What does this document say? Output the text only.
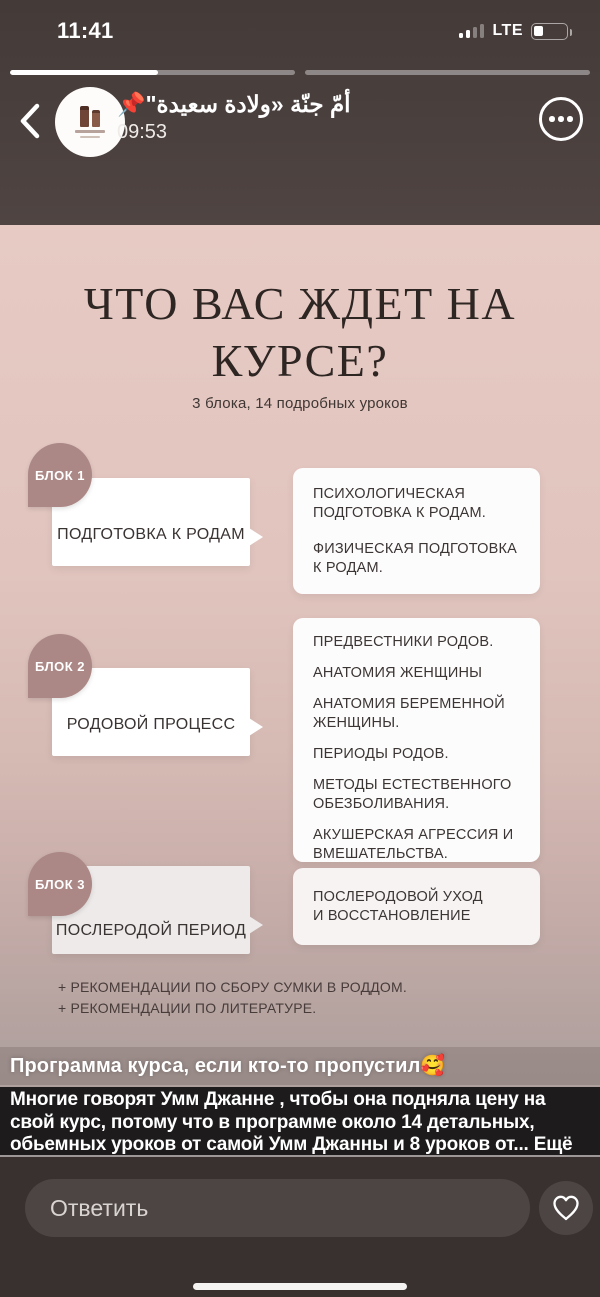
11:41	LTE
أمّ جنّة «ولادة سعيدة"📌
09:53
ЧТО ВАС ЖДЕТ НА
КУРСЕ?
3 блока, 14 подробных уроков
БЛОК 1
ПОДГОТОВКА К РОДАМ
ПСИХОЛОГИЧЕСКАЯ ПОДГОТОВКА К РОДАМ.
ФИЗИЧЕСКАЯ ПОДГОТОВКА К РОДАМ.
БЛОК 2
РОДОВОЙ ПРОЦЕСС
ПРЕДВЕСТНИКИ РОДОВ.
АНАТОМИЯ ЖЕНЩИНЫ
АНАТОМИЯ БЕРЕМЕННОЙ ЖЕНЩИНЫ.
ПЕРИОДЫ РОДОВ.
МЕТОДЫ ЕСТЕСТВЕННОГО ОБЕЗБОЛИВАНИЯ.
АКУШЕРСКАЯ АГРЕССИЯ И ВМЕШАТЕЛЬСТВА.
БЛОК 3
ПОСЛЕРОДОЙ ПЕРИОД
ПОСЛЕРОДОВОЙ УХОД И ВОССТАНОВЛЕНИЕ
+ РЕКОМЕНДАЦИИ ПО СБОРУ СУМКИ В РОДДОМ.
+ РЕКОМЕНДАЦИИ ПО ЛИТЕРАТУРЕ.
Программа курса, если кто-то пропустил🥰
Многие говорят Умм Джанне , чтобы она подняла цену на свой курс, потому что в программе около 14 детальных, обьемных уроков от самой Умм Джанны и 8 уроков от... Ещё
Ответить
